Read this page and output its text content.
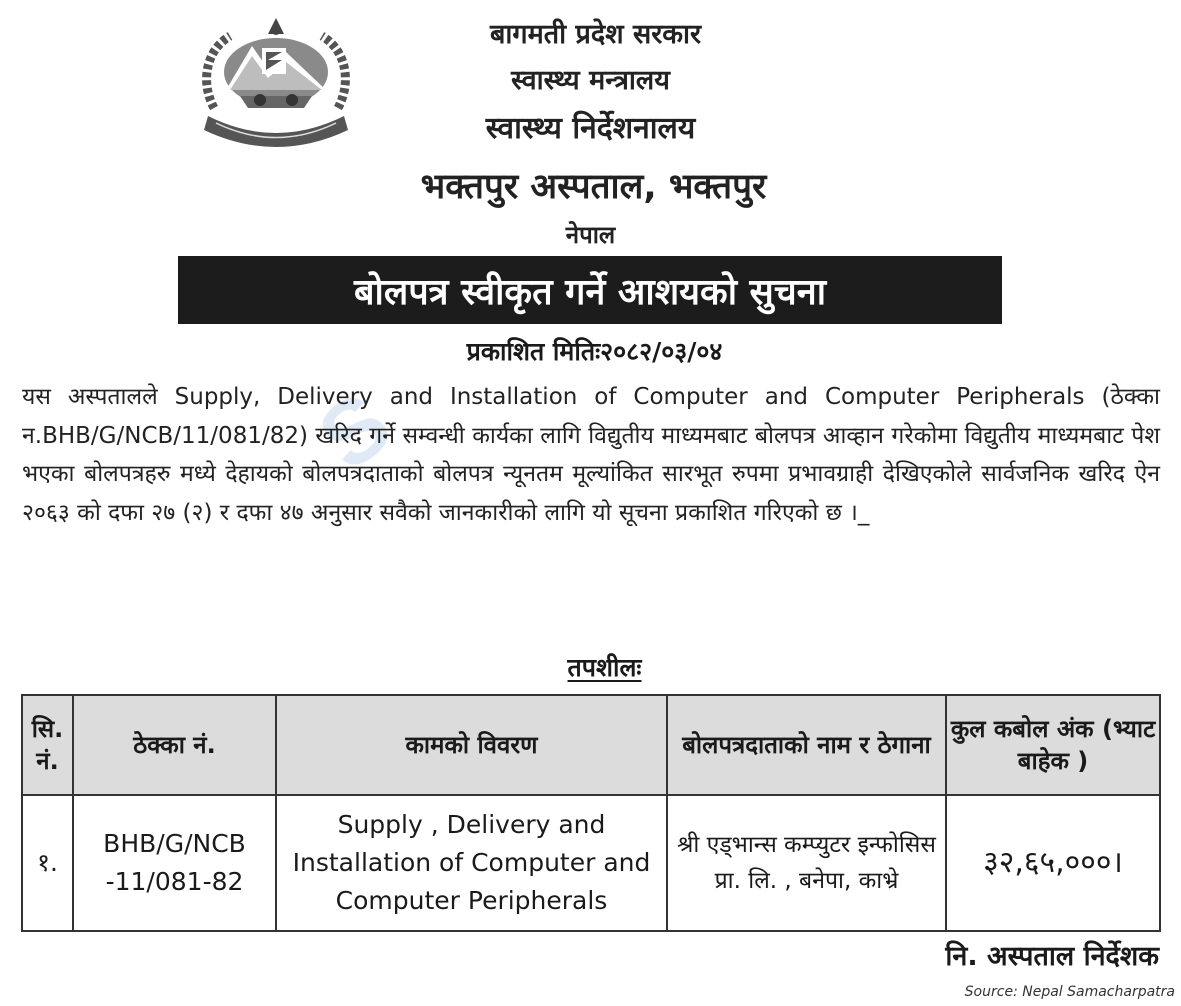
S
बागमती प्रदेश सरकार
स्वास्थ्य मन्त्रालय
स्वास्थ्य निर्देशनालय
भक्तपुर अस्पताल, भक्तपुर
नेपाल
बोलपत्र स्वीकृत गर्ने आशयको सुचना
प्रकाशित मितिः२०८२/०३/०४
यस अस्पतालले Supply, Delivery and Installation of Computer and Computer Peripherals (ठेक्का न.BHB/G/NCB/11/081/82) खरिद गर्ने सम्वन्धी कार्यका लागि विद्युतीय माध्यमबाट बोलपत्र आव्हान गरेकोमा विद्युतीय माध्यमबाट पेश भएका बोलपत्रहरु मध्ये देहायको बोलपत्रदाताको बोलपत्र न्यूनतम मूल्यांकित सारभूत रुपमा प्रभावग्राही देखिएकोले सार्वजनिक खरिद ऐन २०६३ को दफा २७ (२) र दफा ४७ अनुसार सवैको जानकारीको लागि यो सूचना प्रकाशित गरिएको छ ।_
तपशीलः
सि. नं.	ठेक्का नं.	कामको विवरण	बोलपत्रदाताको नाम र ठेगाना	कुल कबोल अंक (भ्याट बाहेक )
१.	BHB/G/NCB -11/081-82	Supply , Delivery and Installation of Computer and Computer Peripherals	श्री एड्भान्स कम्प्युटर इन्फोसिस प्रा. लि. , बनेपा, काभ्रे	३२,६५,०००।
नि. अस्पताल निर्देशक
Source: Nepal Samacharpatra
